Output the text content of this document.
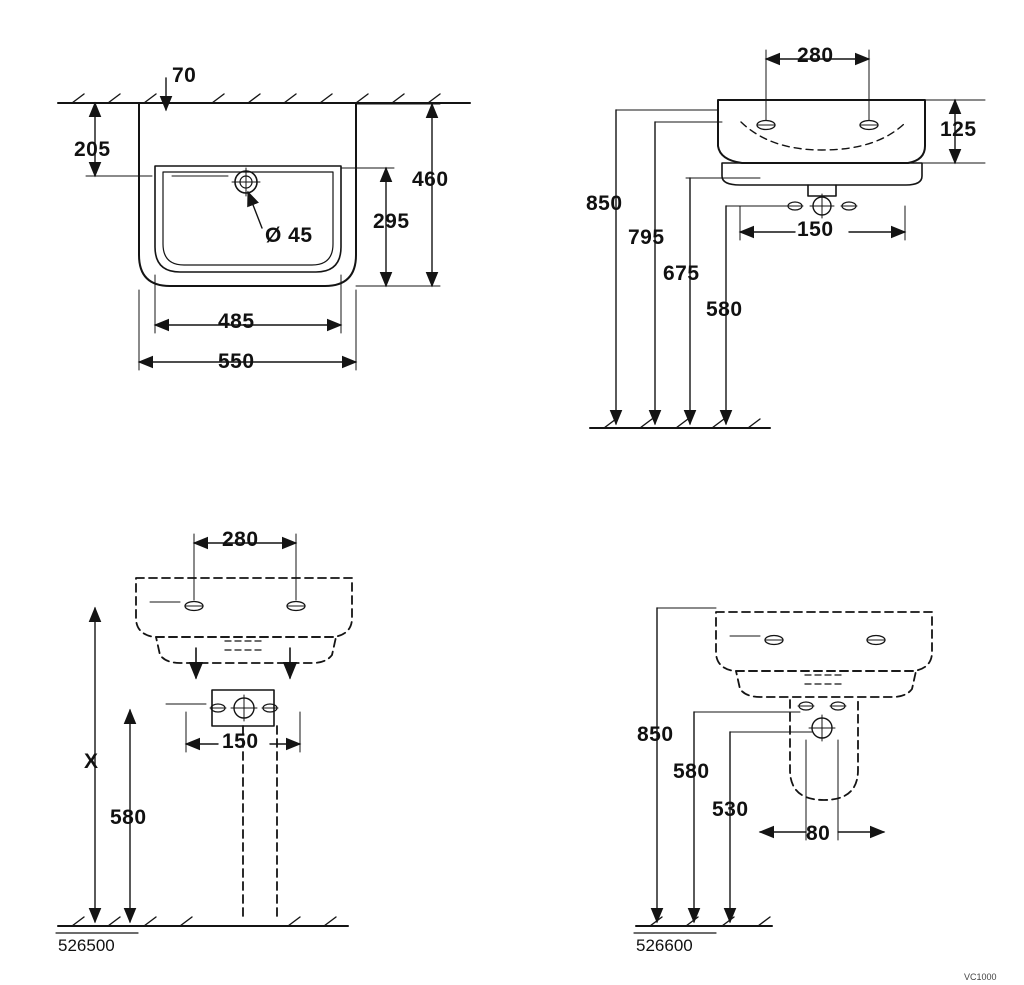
70
205
Ø 45
460
295
485
550
280
125
850
795
675
580
150
280
150
X
580
526500
850
580
530
80
526600
VC1000
